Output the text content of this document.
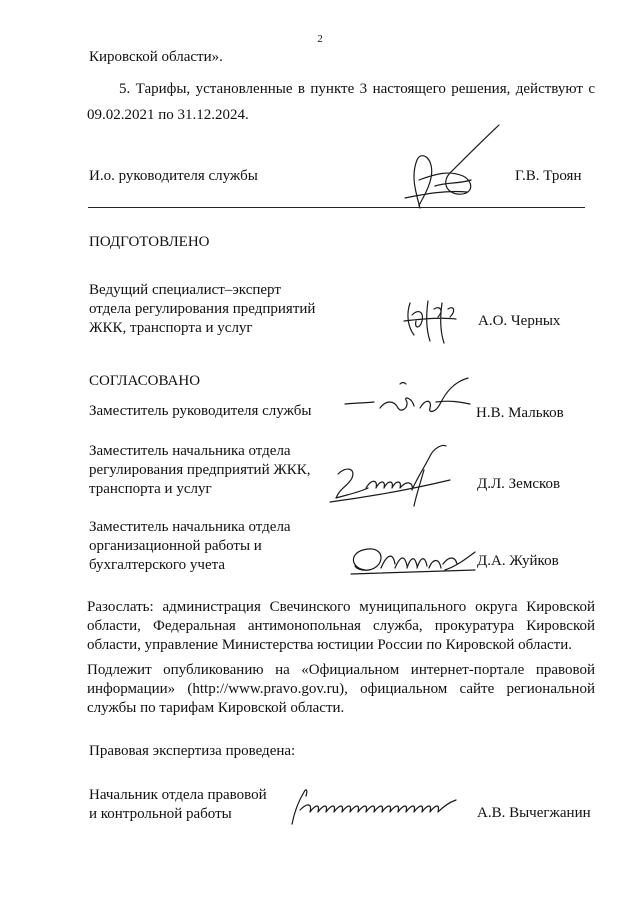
2
Кировской области».
5. Тарифы, установленные в пункте 3 настоящего решения, действуют с 09.02.2021 по 31.12.2024.
И.о. руководителя службы	Г.В. Троян
ПОДГОТОВЛЕНО
Ведущий специалист–эксперт
отдела регулирования предприятий
ЖКК, транспорта и услуг	А.О. Черных
СОГЛАСОВАНО
Заместитель руководителя службы	Н.В. Мальков
Заместитель начальника отдела
регулирования предприятий ЖКК,
транспорта и услуг	Д.Л. Земсков
Заместитель начальника отдела
организационной работы и
бухгалтерского учета	Д.А. Жуйков
Разослать: администрация Свечинского муниципального округа Кировской области, Федеральная антимонопольная служба, прокуратура Кировской области, управление Министерства юстиции России по Кировской области.
Подлежит опубликованию на «Официальном интернет-портале правовой информации» (http://www.pravo.gov.ru), официальном сайте региональной службы по тарифам Кировской области.
Правовая экспертиза проведена:
Начальник отдела правовой
и контрольной работы	А.В. Вычегжанин
